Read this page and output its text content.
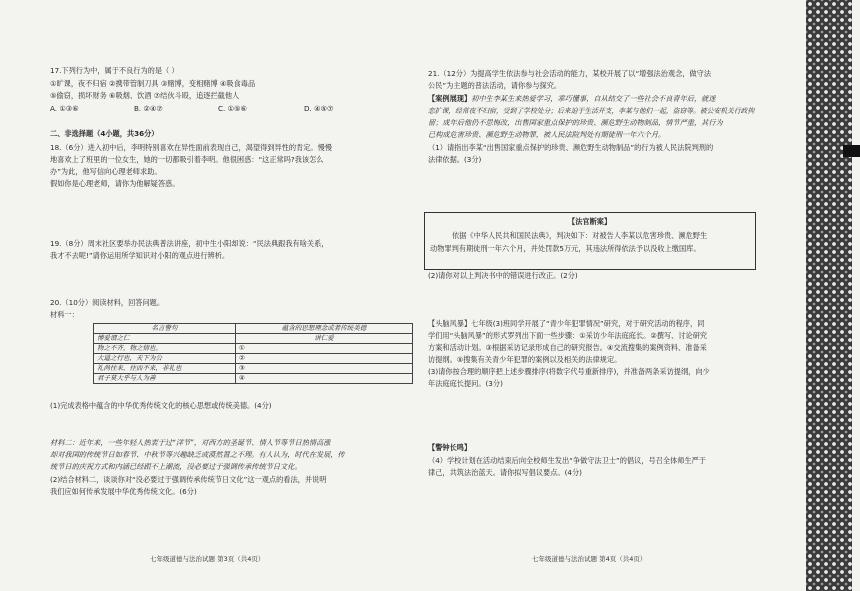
17.下列行为中，属于不良行为的是（ ）
①旷课，夜不归宿 ②携带管制刀具 ③赌博，变相赌博 ④吸食毒品
⑤偷窃，损坏财务 ⑥吸烟、饮酒 ⑦结伙斗殴，追逐拦截他人
A. ①③⑥	B. ②④⑦	C. ①⑤⑥	D. ④⑤⑦
二、非选择题（4小题，共36分）
18.（6分）进入初中后，李明特别喜欢在异性面前表现自己，渴望得到异性的肯定。慢慢
地喜欢上了班里的一位女生，她的一切都吸引着李明。他很困惑：“这正常吗?我该怎么
办”为此，他写信向心理老师求助。
假如你是心理老师，请你为他解疑答惑。
19.（8分）周末社区要举办民法典普法讲座，初中生小阳却说：“民法典跟我有啥关系，
我才不去呢!”请你运用所学知识对小阳的观点进行辨析。
20.（10分）阅读材料，回答问题。
材料一：
名言警句	蕴含的思想理念或者传统美德
博爱谓之仁	讲仁爱
物之不齐，物之情也。	①
大道之行也，天下为公	②
礼尚往来，往而不来，非礼也	③
君子莫大乎与人为善	④
(1)完成表格中蕴含的中华优秀传统文化的核心思想或传统美德。(4分)
材料二：近年来，一些年轻人热衷于过“洋节”，对西方的圣诞节、情人节等节日热情高涨
却对我国的传统节日如春节、中秋节等兴趣缺乏或漠然置之不理。有人认为，时代在发展，传
统节日的庆祝方式和内涵已经跟不上潮流，没必要过于强调传承传统节日文化。
(2)结合材料二，谈谈你对“没必要过于强调传承传统节日文化”这一观点的看法，并说明
我们应如何传承发展中华优秀传统文化。(6分)
七年级道德与法治试题 第3页（共4页）
21.（12分）为提高学生依法参与社会活动的能力，某校开展了以“增强法治观念，做守法
公民”为主题的普法活动，请你参与探究。
【案例展现】初中生李某生来热爱学习，乖巧懂事，自从结交了一些社会不良青年后，就迷
恋扩课，经常夜不归宿，受到了学校处分；后来迫于生活开支，李某与他们一起，盗窃等。被公安机关行政拘
留；成年后他仍不思悔改，出售国家重点保护的珍贵、濒危野生动物制品，情节严重，其行为
已构成危害珍贵、濒危野生动物罪，被人民法院判处有期徒刑一年六个月。
（1）请指出李某“出售国家重点保护的珍贵、濒危野生动物制品”的行为被人民法院判刑的
法律依据。(3分)
【法官断案】
依据《中华人民共和国民法典》，判决如下：对被告人李某以危害珍贵、濒危野生
动物罪判有期徒刑一年六个月，并处罚款5万元，其违法所得依法予以没收上缴国库。
(2)请你对以上判决书中的错误进行改正。(2分)
【头脑风暴】七年级(3)班同学开展了“青少年犯罪情况”研究，对于研究活动的程序，同
学们用“头脑风暴”的形式罗列出下面一些步骤：①采访少年法庭庭长。②撰写、讨论研究
方案和活动计划。③根据采访记录形成自己的研究报告。④交流搜集的案例资料、准备采
访提纲。⑤搜集有关青少年犯罪的案例以及相关的法律规定。
(3)请你按合理的顺序把上述步骤排序(将数字代号重新排序)，并准备两条采访提纲，向少
年法庭庭长提问。(3分)
【警钟长鸣】
（4）学校计划在活动结束后向全校师生发出“争做守法卫士”的倡议，号召全体师生严于
律己，共筑法治蓝天。请你拟写倡议要点。(4分)
七年级道德与法治试题 第4页（共4页）
